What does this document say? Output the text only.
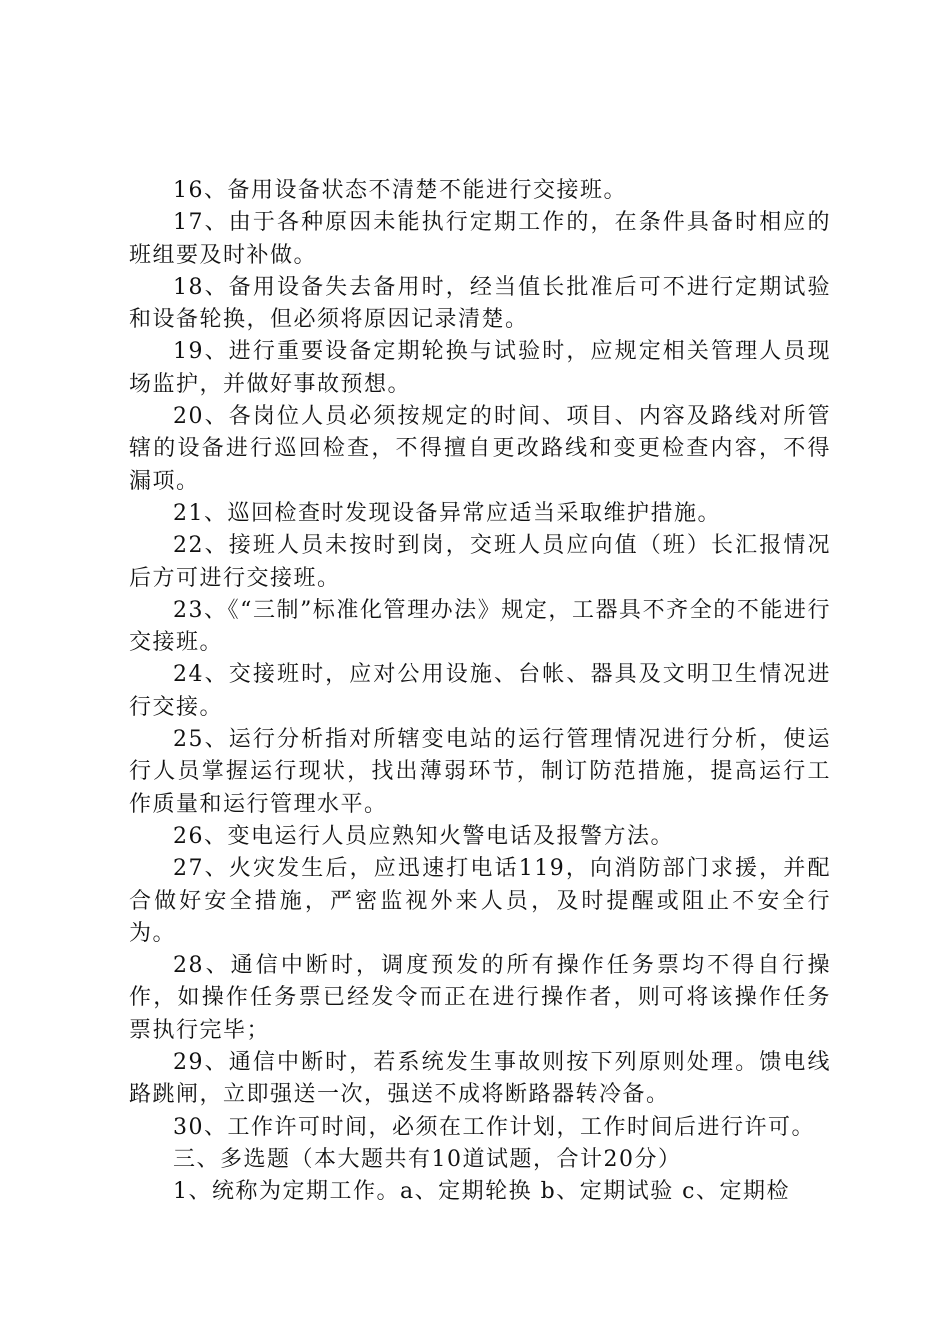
16、备用设备状态不清楚不能进行交接班。

17、由于各种原因未能执行定期工作的，在条件具备时相应的班组要及时补做。

18、备用设备失去备用时，经当值长批准后可不进行定期试验和设备轮换，但必须将原因记录清楚。

19、进行重要设备定期轮换与试验时，应规定相关管理人员现场监护，并做好事故预想。

20、各岗位人员必须按规定的时间、项目、内容及路线对所管辖的设备进行巡回检查，不得擅自更改路线和变更检查内容，不得漏项。

21、巡回检查时发现设备异常应适当采取维护措施。

22、接班人员未按时到岗，交班人员应向值（班）长汇报情况后方可进行交接班。

23、《“三制”标准化管理办法》规定，工器具不齐全的不能进行交接班。

24、交接班时，应对公用设施、台帐、器具及文明卫生情况进行交接。

25、运行分析指对所辖变电站的运行管理情况进行分析，使运行人员掌握运行现状，找出薄弱环节，制订防范措施，提高运行工作质量和运行管理水平。

26、变电运行人员应熟知火警电话及报警方法。

27、火灾发生后，应迅速打电话119，向消防部门求援，并配合做好安全措施，严密监视外来人员，及时提醒或阻止不安全行为。

28、通信中断时，调度预发的所有操作任务票均不得自行操作，如操作任务票已经发令而正在进行操作者，则可将该操作任务票执行完毕；

29、通信中断时，若系统发生事故则按下列原则处理。馈电线路跳闸，立即强送一次，强送不成将断路器转冷备。

30、工作许可时间，必须在工作计划，工作时间后进行许可。

三、多选题（本大题共有10道试题，合计20分）

1、统称为定期工作。a、定期轮换 b、定期试验 c、定期检
